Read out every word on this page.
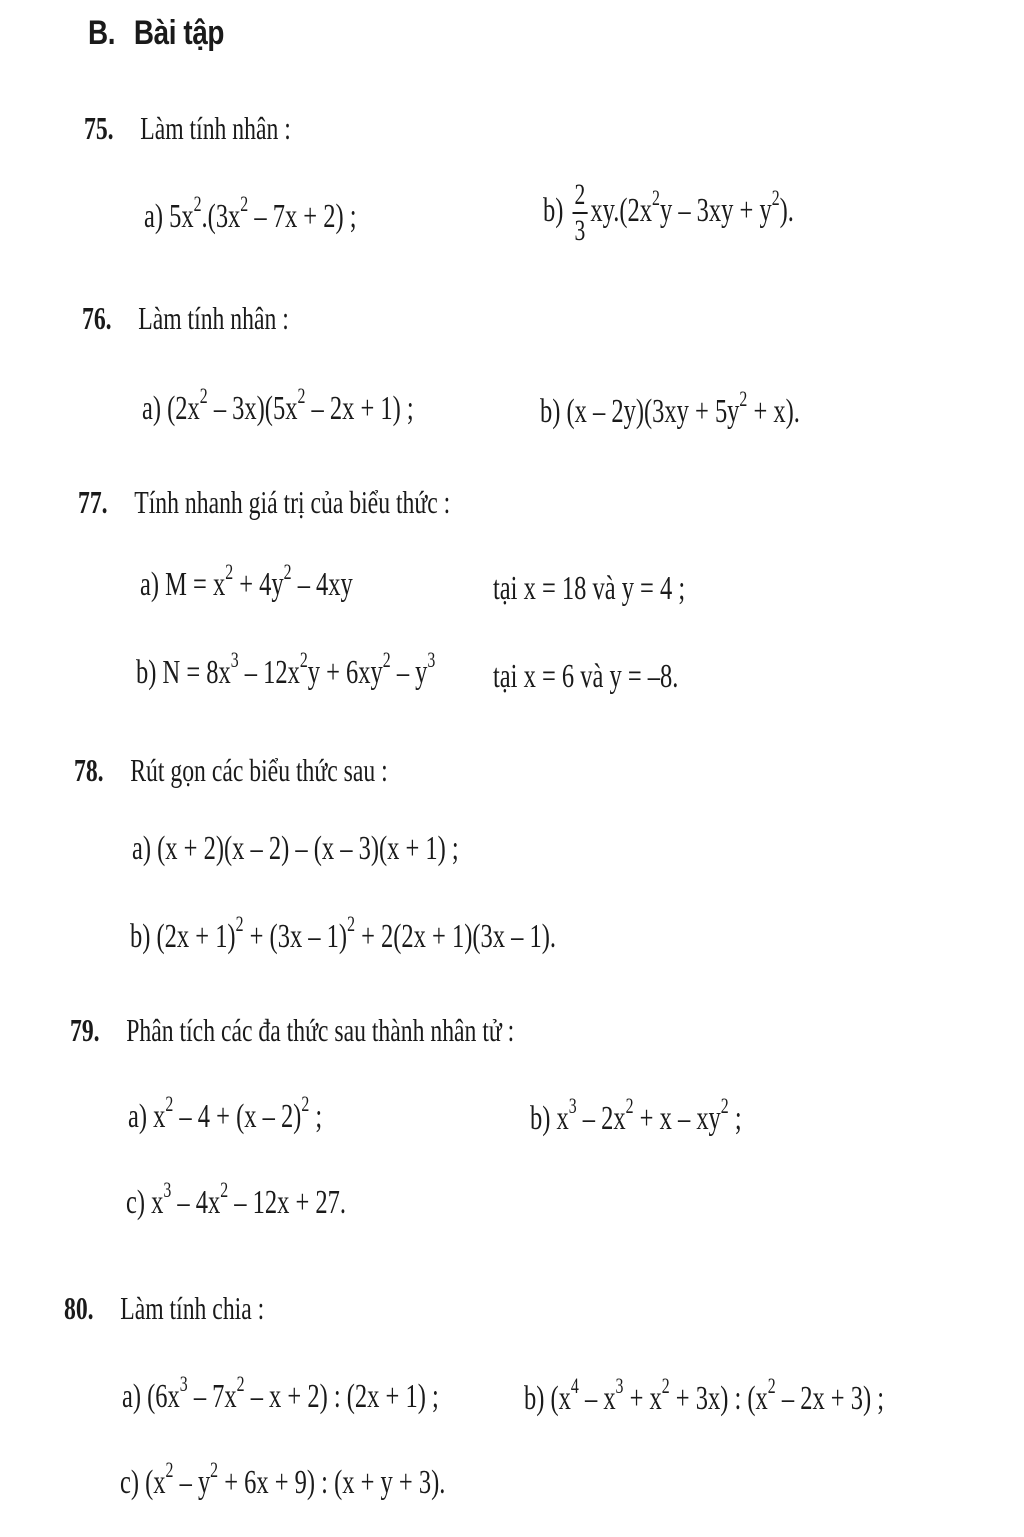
B. Bài tập
75. Làm tính nhân :
a) $5x^2.(3x^2 - 7x + 2)$ ;	$b) \frac{2}{3} xy.(2x^2y - 3xy + y^2)$.
76. Làm tính nhân :
a) $(2x^2 - 3x)(5x^2 - 2x + 1)$ ;	b) $(x - 2y)(3xy + 5y^2 + x)$.
77. Tính nhanh giá trị của biểu thức :
a) $M = x^2 + 4y^2 - 4xy$	tại x = 18 và y = 4 ;
b) $N = 8x^3 - 12x^2y + 6xy^2 - y^3$ tại x = 6 và y = –8.
78. Rút gọn các biểu thức sau :
a) (x + 2)(x – 2) – (x – 3)(x + 1) ;
b) $(2x + 1)^2 + (3x - 1)^2 + 2(2x + 1)(3x - 1)$.
79. Phân tích các đa thức sau thành nhân tử :
a) $x^2 - 4 + (x - 2)^2$ ;	b) $x^3 - 2x^2 + x - xy^2$ ;
c) $x^3 - 4x^2 - 12x + 27$.
80. Làm tính chia :
a) $(6x^3 - 7x^2 - x + 2)$ : (2x + 1) ;	b) $(x^4 - x^3 + x^2 + 3x)$ : $(x^2 - 2x + 3)$ ;
c) $(x^2 - y^2 + 6x + 9)$ : (x + y + 3).
